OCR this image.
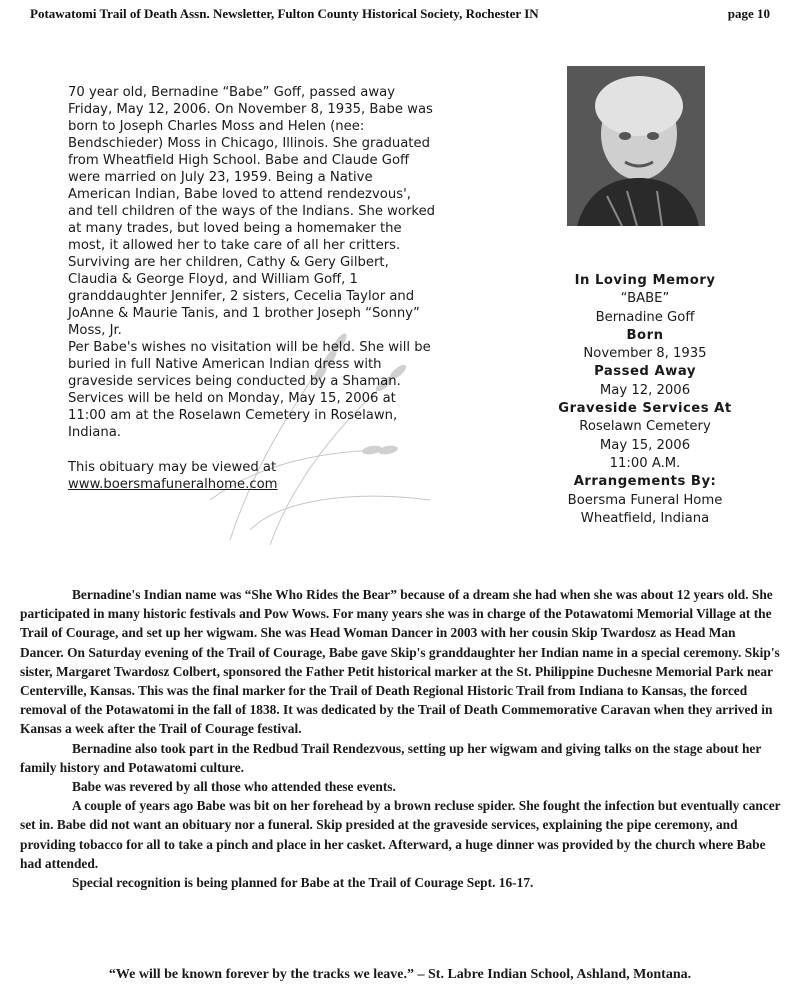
Potawatomi Trail of Death Assn. Newsletter, Fulton County Historical Society, Rochester IN	page 10

70 year old, Bernadine “Babe” Goff, passed away Friday, May 12, 2006. On November 8, 1935, Babe was born to Joseph Charles Moss and Helen (nee: Bendschieder) Moss in Chicago, Illinois. She graduated from Wheatfield High School. Babe and Claude Goff were married on July 23, 1959. Being a Native American Indian, Babe loved to attend rendezvous', and tell children of the ways of the Indians. She worked at many trades, but loved being a homemaker the most, it allowed her to take care of all her critters.

Surviving are her children, Cathy & Gery Gilbert, Claudia & George Floyd, and William Goff, 1 granddaughter Jennifer, 2 sisters, Cecelia Taylor and JoAnne & Maurie Tanis, and 1 brother Joseph “Sonny” Moss, Jr.

Per Babe's wishes no visitation will be held. She will be buried in full Native American Indian dress with graveside services being conducted by a Shaman. Services will be held on Monday, May 15, 2006 at 11:00 am at the Roselawn Cemetery in Roselawn, Indiana.

This obituary may be viewed at

www.boersmafuneralhome.com

In Loving Memory
“BABE”
Bernadine Goff
Born
November 8, 1935
Passed Away
May 12, 2006
Graveside Services At
Roselawn Cemetery
May 15, 2006
11:00 A.M.
Arrangements By:
Boersma Funeral Home
Wheatfield, Indiana

Bernadine's Indian name was “She Who Rides the Bear” because of a dream she had when she was about 12 years old. She participated in many historic festivals and Pow Wows. For many years she was in charge of the Potawatomi Memorial Village at the Trail of Courage, and set up her wigwam. She was Head Woman Dancer in 2003 with her cousin Skip Twardosz as Head Man Dancer. On Saturday evening of the Trail of Courage, Babe gave Skip's granddaughter her Indian name in a special ceremony. Skip's sister, Margaret Twardosz Colbert, sponsored the Father Petit historical marker at the St. Philippine Duchesne Memorial Park near Centerville, Kansas. This was the final marker for the Trail of Death Regional Historic Trail from Indiana to Kansas, the forced removal of the Potawatomi in the fall of 1838. It was dedicated by the Trail of Death Commemorative Caravan when they arrived in Kansas a week after the Trail of Courage festival.

Bernadine also took part in the Redbud Trail Rendezvous, setting up her wigwam and giving talks on the stage about her family history and Potawatomi culture.

Babe was revered by all those who attended these events.

A couple of years ago Babe was bit on her forehead by a brown recluse spider. She fought the infection but eventually cancer set in. Babe did not want an obituary nor a funeral. Skip presided at the graveside services, explaining the pipe ceremony, and providing tobacco for all to take a pinch and place in her casket. Afterward, a huge dinner was provided by the church where Babe had attended.

Special recognition is being planned for Babe at the Trail of Courage Sept. 16-17.

“We will be known forever by the tracks we leave.” – St. Labre Indian School, Ashland, Montana.
